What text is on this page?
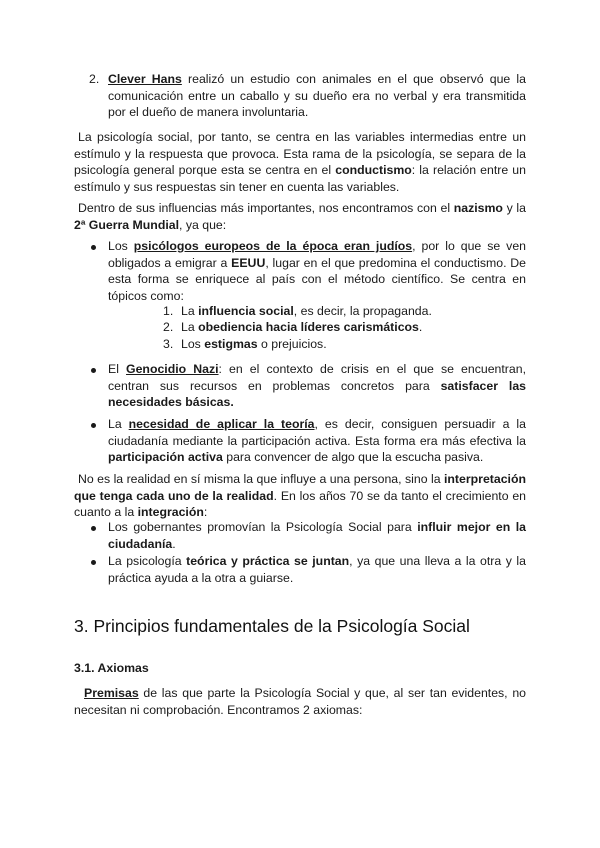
2. Clever Hans realizó un estudio con animales en el que observó que la comunicación entre un caballo y su dueño era no verbal y era transmitida por el dueño de manera involuntaria.
La psicología social, por tanto, se centra en las variables intermedias entre un estímulo y la respuesta que provoca. Esta rama de la psicología, se separa de la psicología general porque esta se centra en el conductismo: la relación entre un estímulo y sus respuestas sin tener en cuenta las variables.
Dentro de sus influencias más importantes, nos encontramos con el nazismo y la 2ª Guerra Mundial, ya que:
Los psicólogos europeos de la época eran judíos, por lo que se ven obligados a emigrar a EEUU, lugar en el que predomina el conductismo. De esta forma se enriquece al país con el método científico. Se centra en tópicos como:
1. La influencia social, es decir, la propaganda.
2. La obediencia hacia líderes carismáticos.
3. Los estigmas o prejuicios.
El Genocidio Nazi: en el contexto de crisis en el que se encuentran, centran sus recursos en problemas concretos para satisfacer las necesidades básicas.
La necesidad de aplicar la teoría, es decir, consiguen persuadir a la ciudadanía mediante la participación activa. Esta forma era más efectiva la participación activa para convencer de algo que la escucha pasiva.
No es la realidad en sí misma la que influye a una persona, sino la interpretación que tenga cada uno de la realidad. En los años 70 se da tanto el crecimiento en cuanto a la integración:
Los gobernantes promovían la Psicología Social para influir mejor en la ciudadanía.
La psicología teórica y práctica se juntan, ya que una lleva a la otra y la práctica ayuda a la otra a guiarse.
3. Principios fundamentales de la Psicología Social
3.1. Axiomas
Premisas de las que parte la Psicología Social y que, al ser tan evidentes, no necesitan ni comprobación. Encontramos 2 axiomas:
